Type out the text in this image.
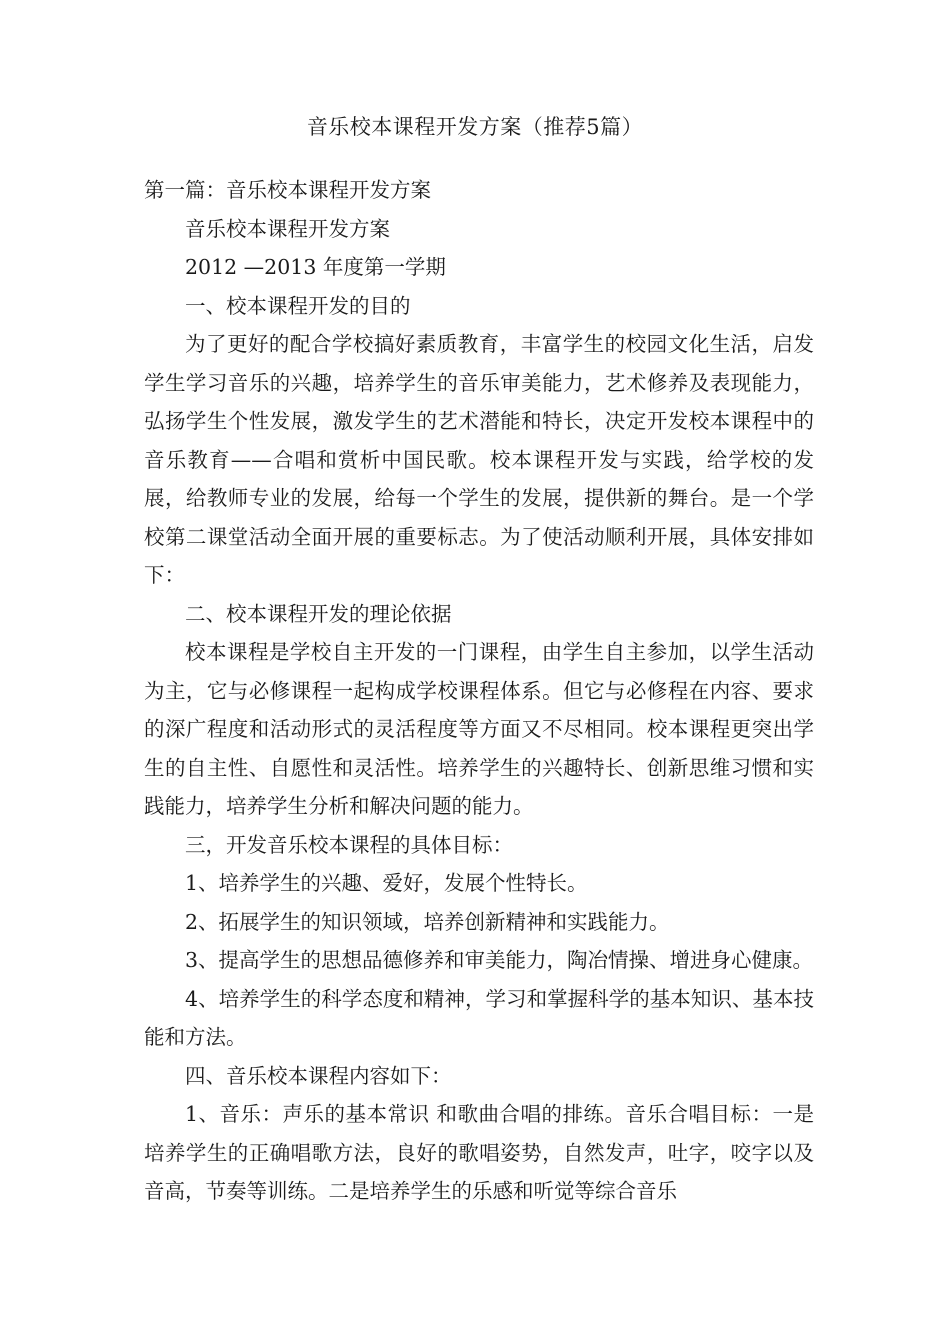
音乐校本课程开发方案（推荐5篇）

第一篇：音乐校本课程开发方案

音乐校本课程开发方案

2012 —2013 年度第一学期

一、校本课程开发的目的

为了更好的配合学校搞好素质教育，丰富学生的校园文化生活，启发学生学习音乐的兴趣，培养学生的音乐审美能力，艺术修养及表现能力，弘扬学生个性发展，激发学生的艺术潜能和特长，决定开发校本课程中的音乐教育——合唱和赏析中国民歌。校本课程开发与实践，给学校的发展，给教师专业的发展，给每一个学生的发展，提供新的舞台。是一个学校第二课堂活动全面开展的重要标志。为了使活动顺利开展，具体安排如下：

二、校本课程开发的理论依据

校本课程是学校自主开发的一门课程，由学生自主参加，以学生活动为主，它与必修课程一起构成学校课程体系。但它与必修程在内容、要求的深广程度和活动形式的灵活程度等方面又不尽相同。校本课程更突出学生的自主性、自愿性和灵活性。培养学生的兴趣特长、创新思维习惯和实践能力，培养学生分析和解决问题的能力。

三，开发音乐校本课程的具体目标：

1、培养学生的兴趣、爱好，发展个性特长。

2、拓展学生的知识领域，培养创新精神和实践能力。

3、提高学生的思想品德修养和审美能力，陶冶情操、增进身心健康。

4、培养学生的科学态度和精神，学习和掌握科学的基本知识、基本技能和方法。

四、音乐校本课程内容如下：

1、音乐：声乐的基本常识 和歌曲合唱的排练。音乐合唱目标：一是培养学生的正确唱歌方法，良好的歌唱姿势，自然发声，吐字，咬字以及音高，节奏等训练。二是培养学生的乐感和听觉等综合音乐
